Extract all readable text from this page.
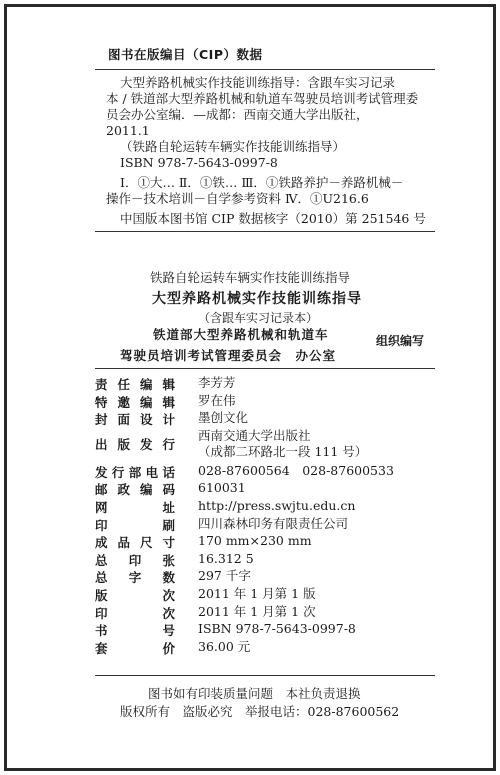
图书在版编目（CIP）数据
大型养路机械实作技能训练指导：含跟车实习记录
本 / 铁道部大型养路机械和轨道车驾驶员培训考试管理委
员会办公室编．—成都：西南交通大学出版社，
2011.1
（铁路自轮运转车辆实作技能训练指导）
ISBN 978-7-5643-0997-8
Ⅰ．①大… Ⅱ．①铁… Ⅲ．①铁路养护－养路机械－
操作－技术培训－自学参考资料 Ⅳ．①U216.6
中国版本图书馆 CIP 数据核字（2010）第 251546 号
铁路自轮运转车辆实作技能训练指导
大型养路机械实作技能训练指导
（含跟车实习记录本）
铁道部大型养路机械和轨道车
驾驶员培训考试管理委员会　办公室
组织编写
责 任 编 辑 李芳芳
特 邀 编 辑 罗在伟
封 面 设 计 墨创文化
出 版 发 行
西南交通大学出版社
（成都二环路北一段 111 号）
发 行 部 电 话 028-87600564　028-87600533
邮 政 编 码 610031
网	址 http://press.swjtu.edu.cn
印	刷 四川森林印务有限责任公司
成 品 尺 寸 170 mm×230 mm
总 印 张 16.312 5
总 字 数 297 千字
版	次 2011 年 1 月第 1 版
印	次 2011 年 1 月第 1 次
书	号 ISBN 978-7-5643-0997-8
套	价 36.00 元
图书如有印装质量问题　本社负责退换
版权所有　盗版必究　举报电话：028-87600562
